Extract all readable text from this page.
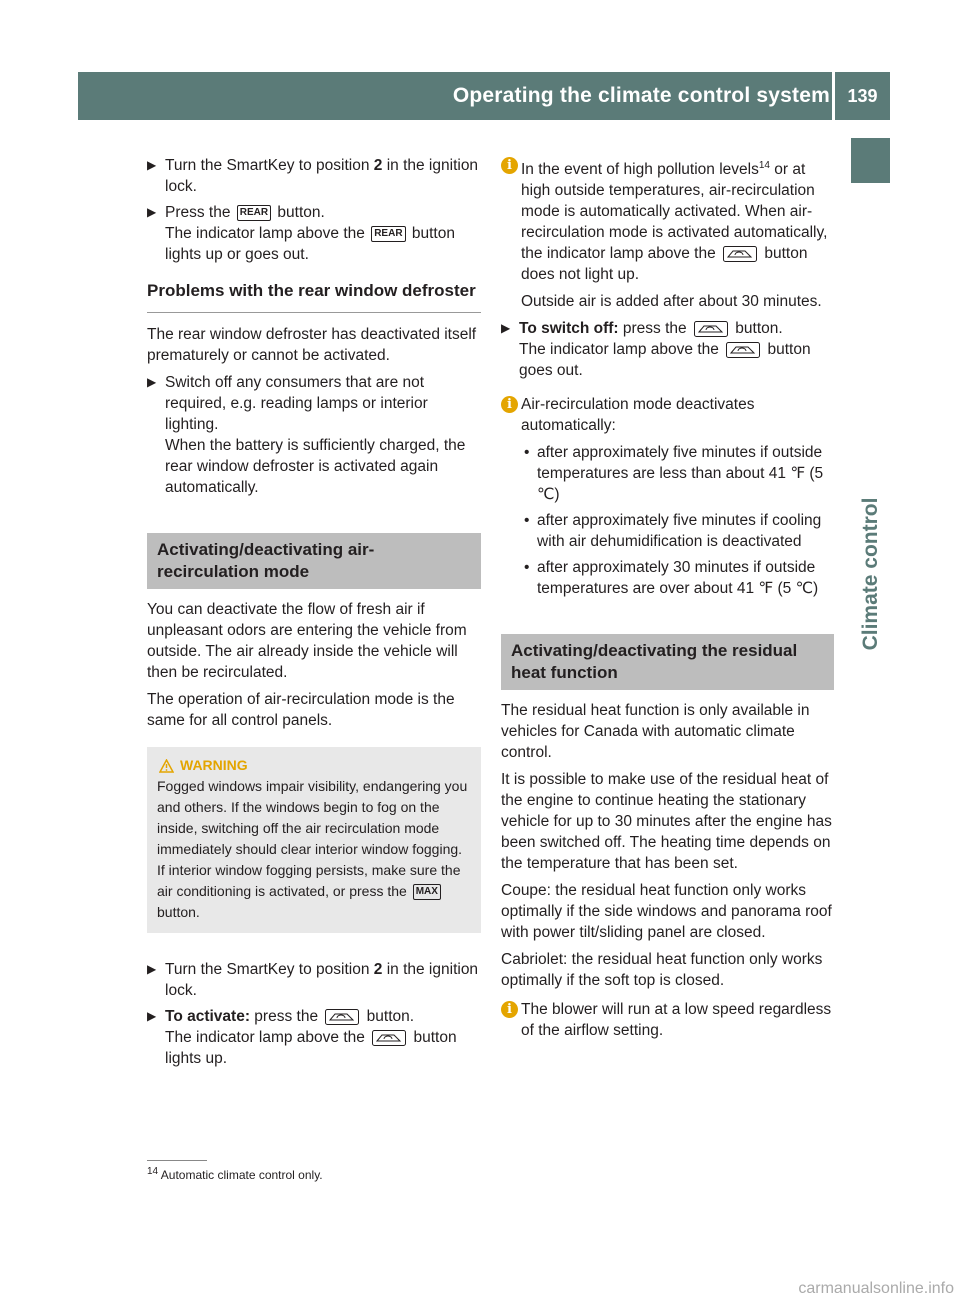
Operating the climate control system 139
Climate control
▶ Turn the SmartKey to position 2 in the ignition lock.
▶ Press the REAR button.
The indicator lamp above the REAR button lights up or goes out.
Problems with the rear window defroster

The rear window defroster has deactivated itself prematurely or cannot be activated.

▶ Switch off any consumers that are not required, e.g. reading lamps or interior lighting.
When the battery is sufficiently charged, the rear window defroster is activated again automatically.
Activating/deactivating air-recirculation mode

You can deactivate the flow of fresh air if unpleasant odors are entering the vehicle from outside. The air already inside the vehicle will then be recirculated.

The operation of air-recirculation mode is the same for all control panels.

WARNING
Fogged windows impair visibility, endangering you and others. If the windows begin to fog on the inside, switching off the air recirculation mode immediately should clear interior window fogging. If interior window fogging persists, make sure the air conditioning is activated, or press the MAX
button.
▶ Turn the SmartKey to position 2 in the ignition lock.
▶ To activate: press the	button.
The indicator lamp above the	button lights up.
i In the event of high pollution levels$^{14}$ or at high outside temperatures, air-recirculation mode is automatically activated. When air-recirculation mode is activated automatically, the indicator lamp above the	button does not light up.

Outside air is added after about 30 minutes.

▶ To switch off: press the	button.
The indicator lamp above the	button goes out.
i Air-recirculation mode deactivates automatically:
• after approximately five minutes if outside temperatures are less than about 41 ℉ (5 ℃)
• after approximately five minutes if cooling with air dehumidification is deactivated
• after approximately 30 minutes if outside temperatures are over about 41 ℉ (5 ℃)
Activating/deactivating the residual heat function

The residual heat function is only available in vehicles for Canada with automatic climate control.

It is possible to make use of the residual heat of the engine to continue heating the stationary vehicle for up to 30 minutes after the engine has been switched off. The heating time depends on the temperature that has been set.

Coupe: the residual heat function only works optimally if the side windows and panorama roof with power tilt/sliding panel are closed.

Cabriolet: the residual heat function only works optimally if the soft top is closed.

i The blower will run at a low speed regardless of the airflow setting.
$^{14}$ Automatic climate control only.
carmanualsonline.info
